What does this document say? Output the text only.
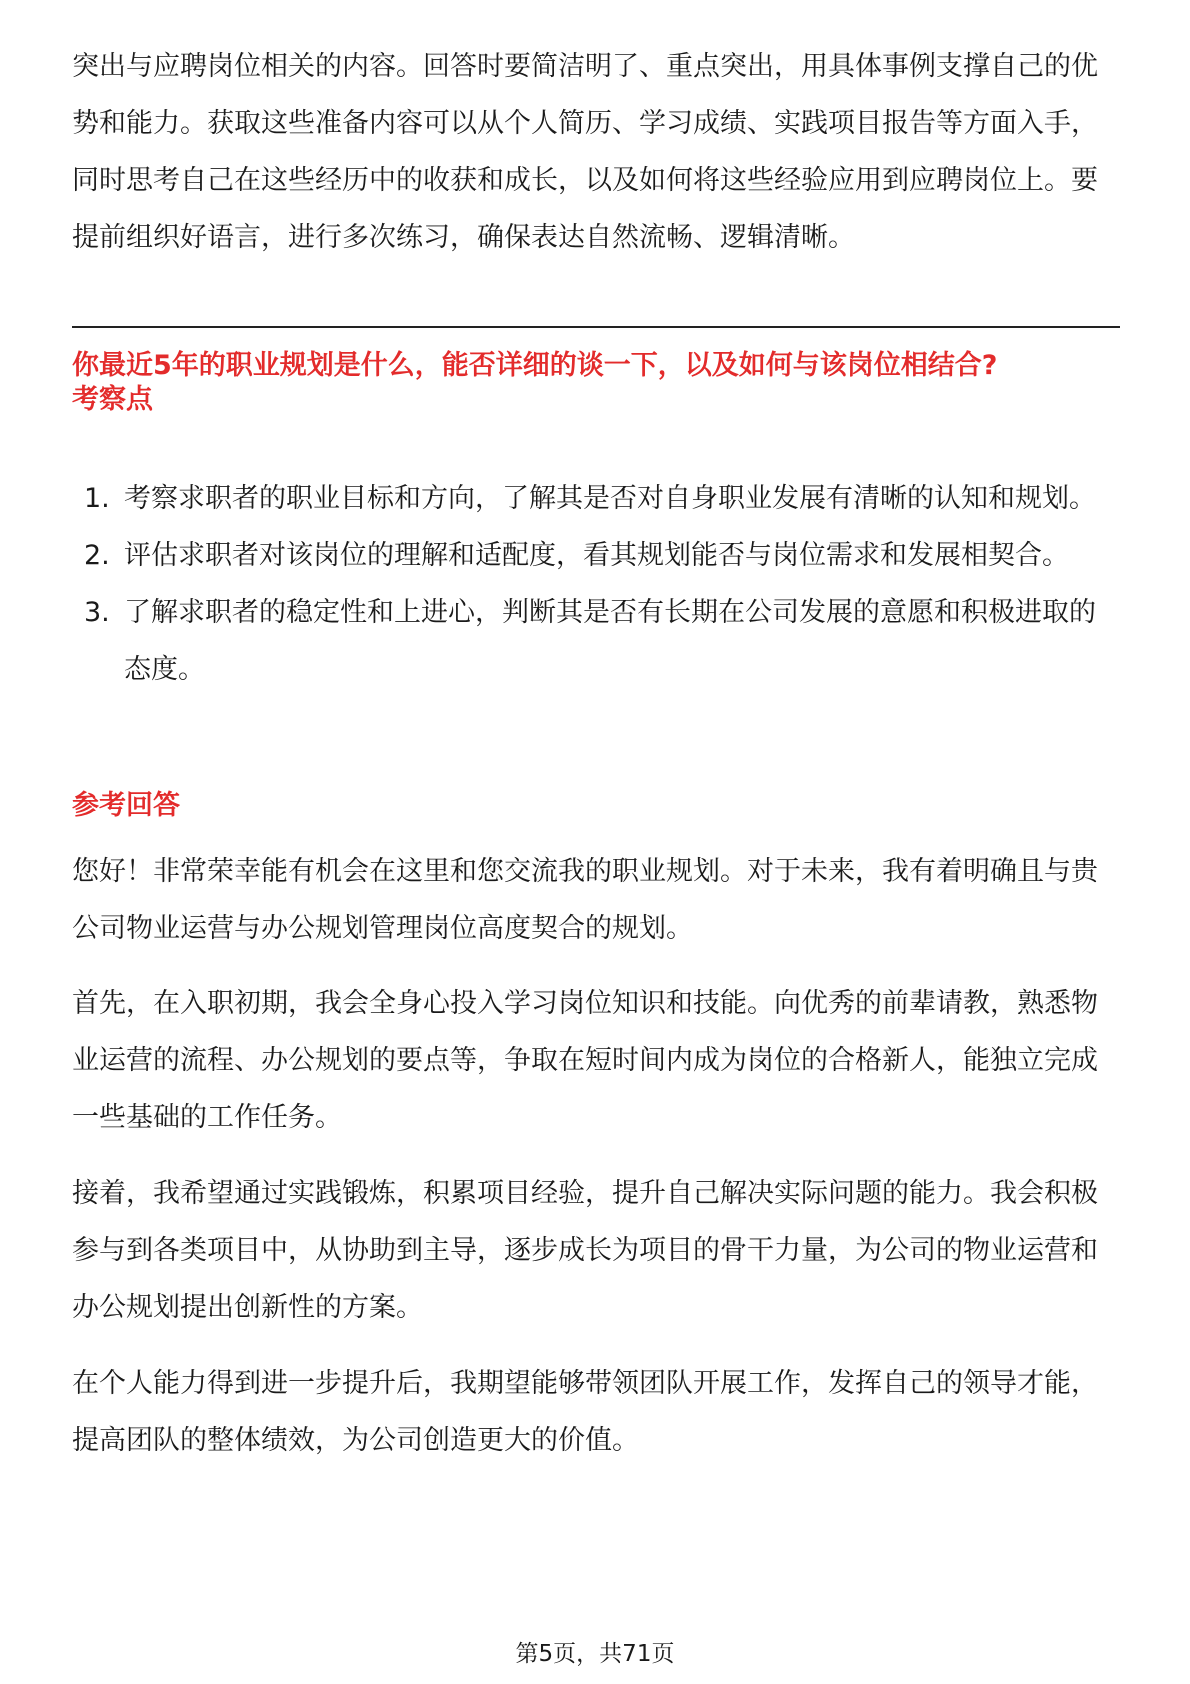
突出与应聘岗位相关的内容。回答时要简洁明了、重点突出，用具体事例支撑自己的优势和能力。获取这些准备内容可以从个人简历、学习成绩、实践项目报告等方面入手，同时思考自己在这些经历中的收获和成长，以及如何将这些经验应用到应聘岗位上。要提前组织好语言，进行多次练习，确保表达自然流畅、逻辑清晰。

你最近5年的职业规划是什么，能否详细的谈一下，以及如何与该岗位相结合?

考察点

1. 考察求职者的职业目标和方向，了解其是否对自身职业发展有清晰的认知和规划。
2. 评估求职者对该岗位的理解和适配度，看其规划能否与岗位需求和发展相契合。
3. 了解求职者的稳定性和上进心，判断其是否有长期在公司发展的意愿和积极进取的态度。

参考回答

您好！非常荣幸能有机会在这里和您交流我的职业规划。对于未来，我有着明确且与贵公司物业运营与办公规划管理岗位高度契合的规划。

首先，在入职初期，我会全身心投入学习岗位知识和技能。向优秀的前辈请教，熟悉物业运营的流程、办公规划的要点等，争取在短时间内成为岗位的合格新人，能独立完成一些基础的工作任务。

接着，我希望通过实践锻炼，积累项目经验，提升自己解决实际问题的能力。我会积极参与到各类项目中，从协助到主导，逐步成长为项目的骨干力量，为公司的物业运营和办公规划提出创新性的方案。

在个人能力得到进一步提升后，我期望能够带领团队开展工作，发挥自己的领导才能，提高团队的整体绩效，为公司创造更大的价值。

第5页，共71页
